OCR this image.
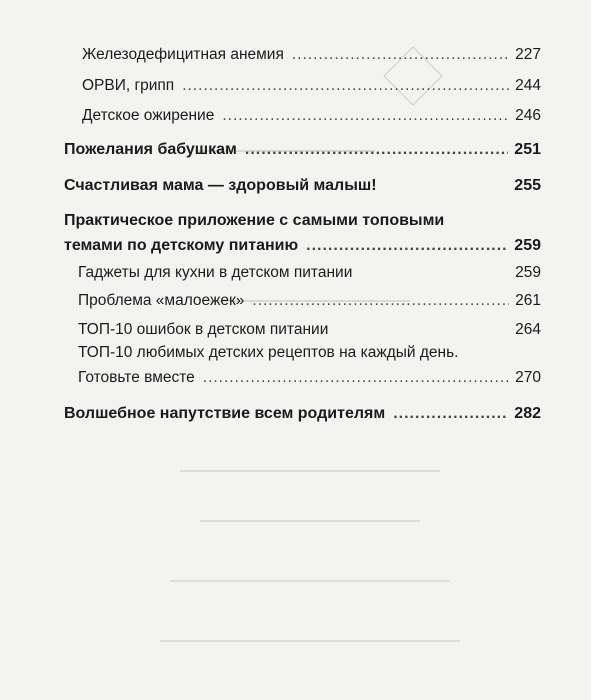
Железодефицитная анемия .....	227
ОРВИ, грипп .....	244
Детское ожирение .....	246
Пожелания бабушкам .....	251
Счастливая мама — здоровый малыш!	255
Практическое приложение с самыми топовыми
темами по детскому питанию .....	259
Гаджеты для кухни в детском питании	259
Проблема «малоежек» .....	261
ТОП-10 ошибок в детском питании	264
ТОП-10 любимых детских рецептов на каждый день.
Готовьте вместе .....	270
Волшебное напутствие всем родителям .....	282
